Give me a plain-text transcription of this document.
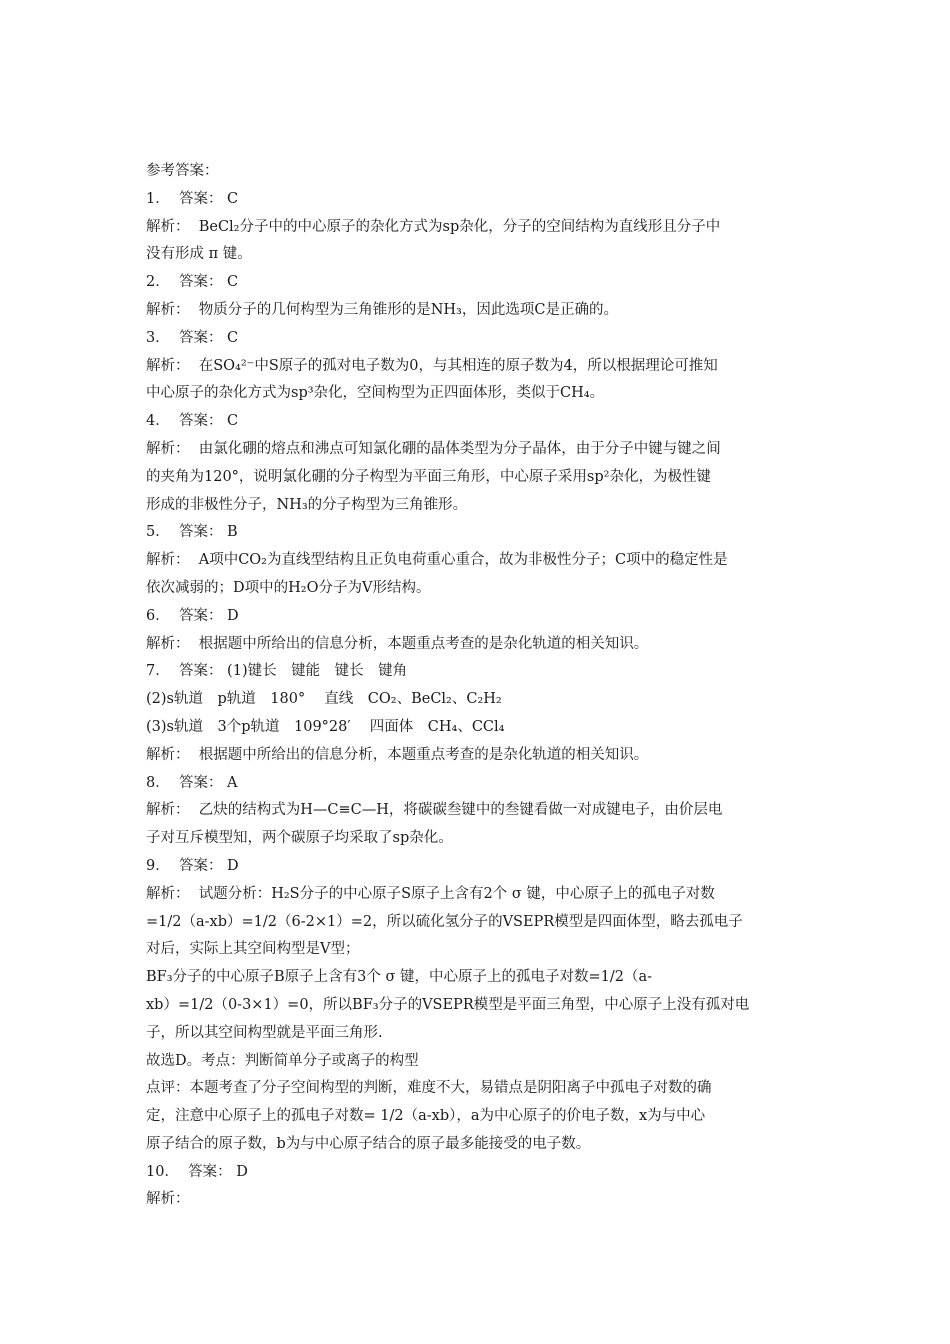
参考答案：
1． 答案： C
解析： BeCl₂分子中的中心原子的杂化方式为sp杂化，分子的空间结构为直线形且分子中
没有形成 π 键。
2． 答案： C
解析： 物质分子的几何构型为三角锥形的是NH₃，因此选项C是正确的。
3． 答案： C
解析： 在SO₄²⁻中S原子的孤对电子数为0，与其相连的原子数为4，所以根据理论可推知
中心原子的杂化方式为sp³杂化，空间构型为正四面体形，类似于CH₄。
4． 答案： C
解析： 由氯化硼的熔点和沸点可知氯化硼的晶体类型为分子晶体，由于分子中键与键之间
的夹角为120°，说明氯化硼的分子构型为平面三角形，中心原子采用sp²杂化，为极性键
形成的非极性分子，NH₃的分子构型为三角锥形。
5． 答案： B
解析： A项中CO₂为直线型结构且正负电荷重心重合，故为非极性分子；C项中的稳定性是
依次减弱的；D项中的H₂O分子为V形结构。
6． 答案： D
解析： 根据题中所给出的信息分析，本题重点考查的是杂化轨道的相关知识。
7． 答案： (1)键长　键能　键长　键角
(2)s轨道　p轨道　180°　 直线　CO₂、BeCl₂、C₂H₂
(3)s轨道　3个p轨道　109°28′　 四面体　CH₄、CCl₄
解析： 根据题中所给出的信息分析，本题重点考查的是杂化轨道的相关知识。
8． 答案： A
解析： 乙炔的结构式为H—C≡C—H，将碳碳叁键中的叁键看做一对成键电子，由价层电
子对互斥模型知，两个碳原子均采取了sp杂化。
9． 答案： D
解析： 试题分析：H₂S分子的中心原子S原子上含有2个 σ 键，中心原子上的孤电子对数
=1/2（a-xb）=1/2（6-2×1）=2，所以硫化氢分子的VSEPR模型是四面体型，略去孤电子
对后，实际上其空间构型是V型；
BF₃分子的中心原子B原子上含有3个 σ 键，中心原子上的孤电子对数=1/2（a-
xb）=1/2（0-3×1）=0，所以BF₃分子的VSEPR模型是平面三角型，中心原子上没有孤对电
子，所以其空间构型就是平面三角形.
故选D。考点：判断简单分子或离子的构型
点评：本题考查了分子空间构型的判断，难度不大，易错点是阴阳离子中孤电子对数的确
定，注意中心原子上的孤电子对数= 1/2（a-xb），a为中心原子的价电子数，x为与中心
原子结合的原子数，b为与中心原子结合的原子最多能接受的电子数。
10． 答案： D
解析：
